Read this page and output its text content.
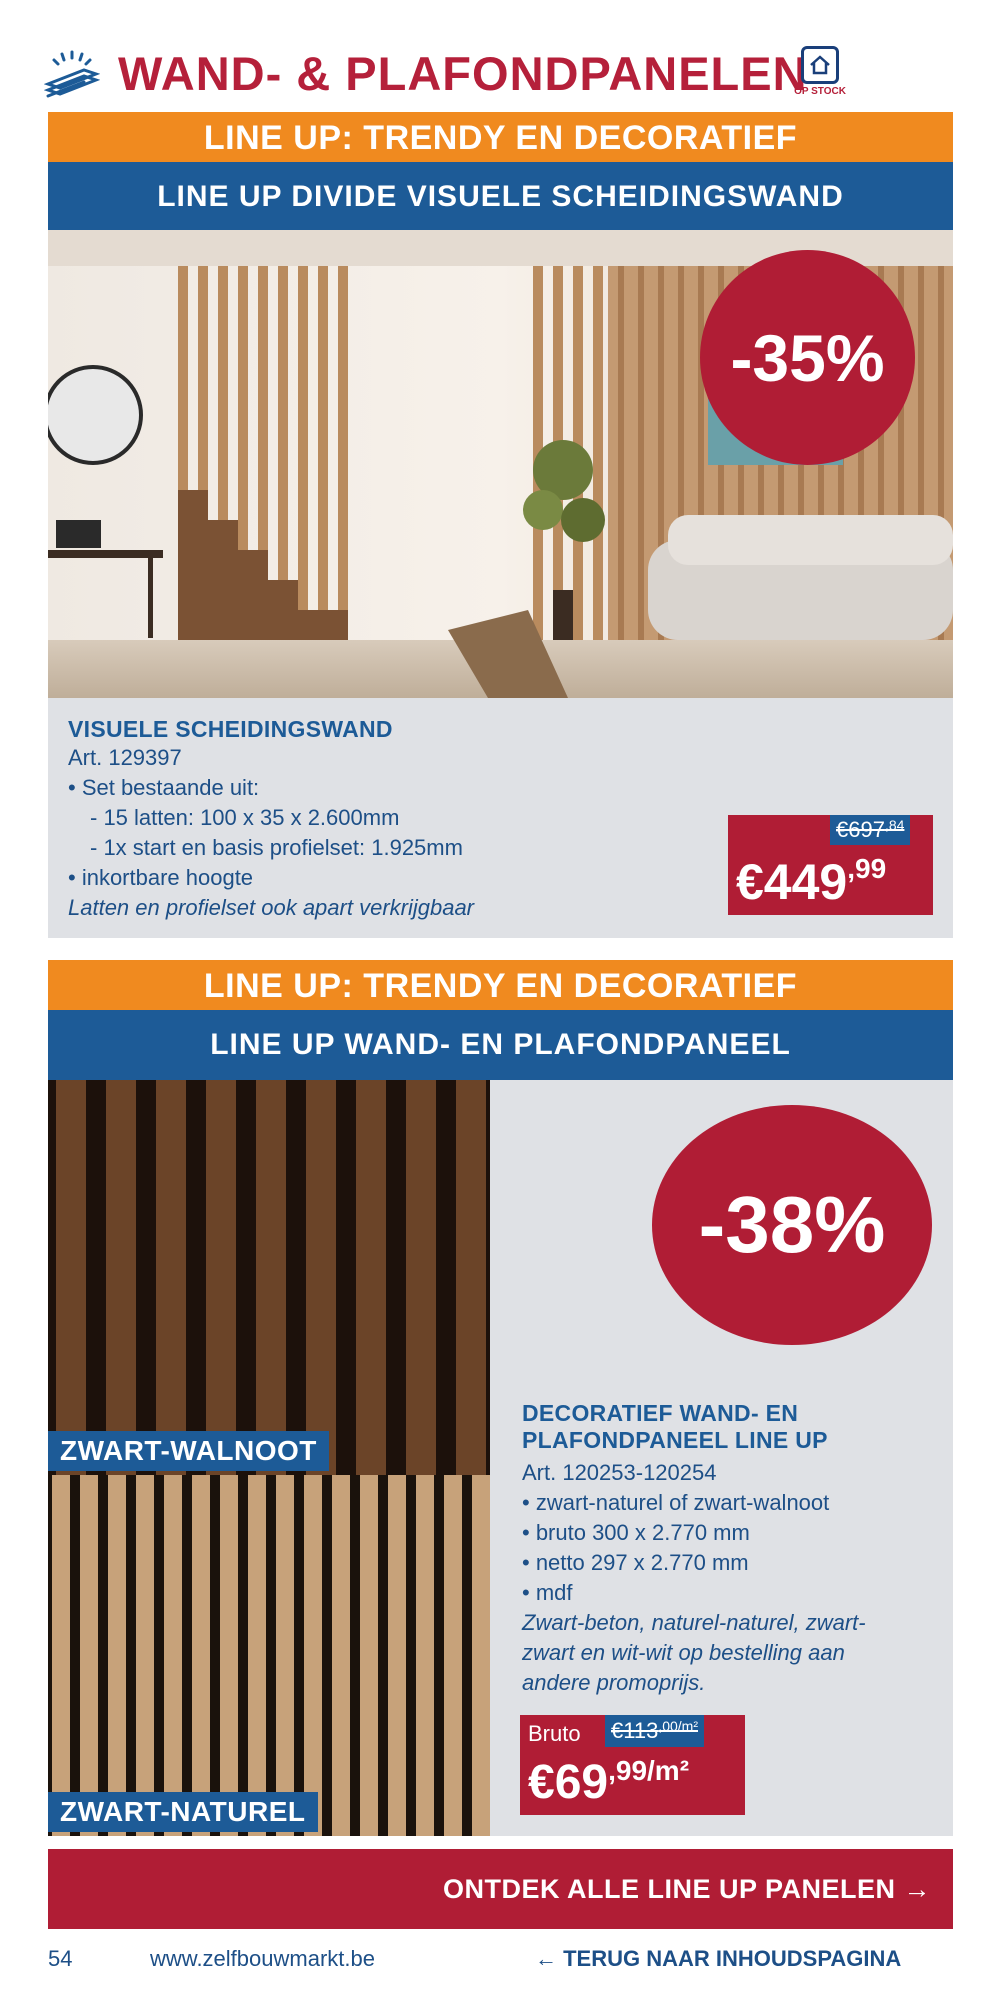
WAND- & PLAFONDPANELEN
OP STOCK
LINE UP: TRENDY EN DECORATIEF
LINE UP DIVIDE VISUELE SCHEIDINGSWAND
-35%
VISUELE SCHEIDINGSWAND
Art. 129397
• Set bestaande uit:
- 15 latten: 100 x 35 x 2.600mm
- 1x start en basis profielset: 1.925mm
• inkortbare hoogte
Latten en profielset ook apart verkrijgbaar
$€697^{,84}$
€449,99
LINE UP: TRENDY EN DECORATIEF
LINE UP WAND- EN PLAFONDPANEEL
ZWART-WALNOOT
ZWART-NATUREL
-38%
DECORATIEF WAND- EN
PLAFONDPANEEL LINE UP
Art. 120253-120254
• zwart-naturel of zwart-walnoot
• bruto 300 x 2.770 mm
• netto 297 x 2.770 mm
• mdf
Zwart-beton, naturel-naturel, zwart-
zwart en wit-wit op bestelling aan
andere promoprijs.
Bruto $€113^{,00/m^2}$
€69,99/m²
ONTDEK ALLE LINE UP PANELEN →
54	www.zelfbouwmarkt.be	← TERUG NAAR INHOUDSPAGINA
